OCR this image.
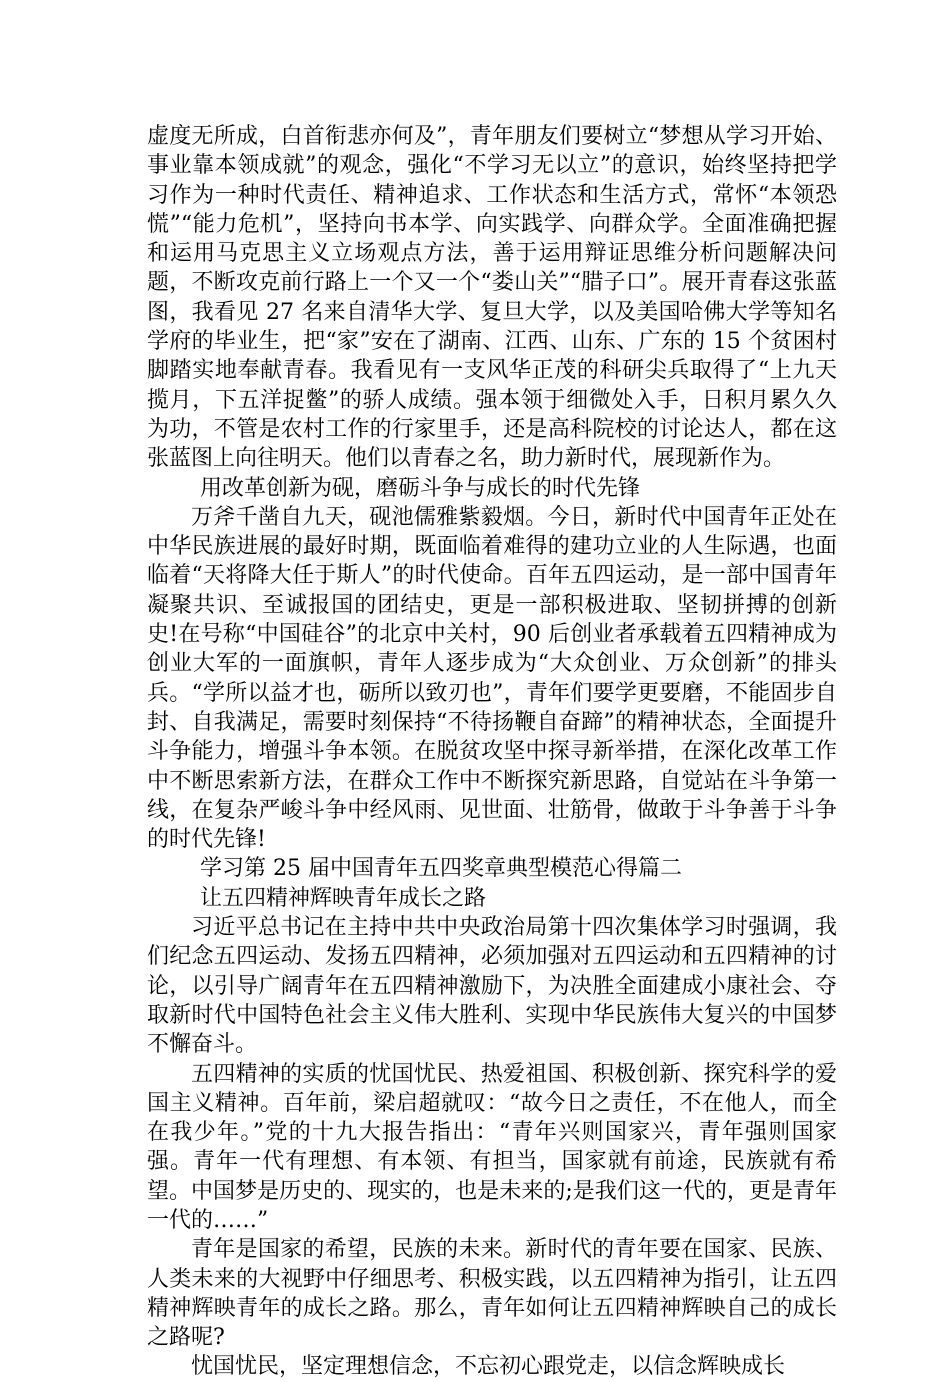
虚度无所成，白首衔悲亦何及”，青年朋友们要树立“梦想从学习开始、事业靠本领成就”的观念，强化“不学习无以立”的意识，始终坚持把学习作为一种时代责任、精神追求、工作状态和生活方式，常怀“本领恐慌”“能力危机”，坚持向书本学、向实践学、向群众学。全面准确把握和运用马克思主义立场观点方法，善于运用辩证思维分析问题解决问题，不断攻克前行路上一个又一个“娄山关”“腊子口”。展开青春这张蓝图，我看见 27 名来自清华大学、复旦大学，以及美国哈佛大学等知名学府的毕业生，把“家”安在了湖南、江西、山东、广东的 15 个贫困村脚踏实地奉献青春。我看见有一支风华正茂的科研尖兵取得了“上九天揽月，下五洋捉鳖”的骄人成绩。强本领于细微处入手，日积月累久久为功，不管是农村工作的行家里手，还是高科院校的讨论达人，都在这张蓝图上向往明天。他们以青春之名，助力新时代，展现新作为。

用改革创新为砚，磨砺斗争与成长的时代先锋

万斧千凿自九天，砚池儒雅紫毅烟。今日，新时代中国青年正处在中华民族进展的最好时期，既面临着难得的建功立业的人生际遇，也面临着“天将降大任于斯人”的时代使命。百年五四运动，是一部中国青年凝聚共识、至诚报国的团结史，更是一部积极进取、坚韧拼搏的创新史!在号称“中国硅谷”的北京中关村，90 后创业者承载着五四精神成为创业大军的一面旗帜，青年人逐步成为“大众创业、万众创新”的排头兵。“学所以益才也，砺所以致刃也”，青年们要学更要磨，不能固步自封、自我满足，需要时刻保持“不待扬鞭自奋蹄”的精神状态，全面提升斗争能力，增强斗争本领。在脱贫攻坚中探寻新举措，在深化改革工作中不断思索新方法，在群众工作中不断探究新思路，自觉站在斗争第一线，在复杂严峻斗争中经风雨、见世面、壮筋骨，做敢于斗争善于斗争的时代先锋!

学习第 25 届中国青年五四奖章典型模范心得篇二

让五四精神辉映青年成长之路

习近平总书记在主持中共中央政治局第十四次集体学习时强调，我们纪念五四运动、发扬五四精神，必须加强对五四运动和五四精神的讨论，以引导广阔青年在五四精神激励下，为决胜全面建成小康社会、夺取新时代中国特色社会主义伟大胜利、实现中华民族伟大复兴的中国梦不懈奋斗。

五四精神的实质的忧国忧民、热爱祖国、积极创新、探究科学的爱国主义精神。百年前，梁启超就叹：“故今日之责任，不在他人，而全在我少年。”党的十九大报告指出：“青年兴则国家兴，青年强则国家强。青年一代有理想、有本领、有担当，国家就有前途，民族就有希望。中国梦是历史的、现实的，也是未来的;是我们这一代的，更是青年一代的……”

青年是国家的希望，民族的未来。新时代的青年要在国家、民族、人类未来的大视野中仔细思考、积极实践，以五四精神为指引，让五四精神辉映青年的成长之路。那么，青年如何让五四精神辉映自己的成长之路呢?

忧国忧民，坚定理想信念，不忘初心跟党走，以信念辉映成长
